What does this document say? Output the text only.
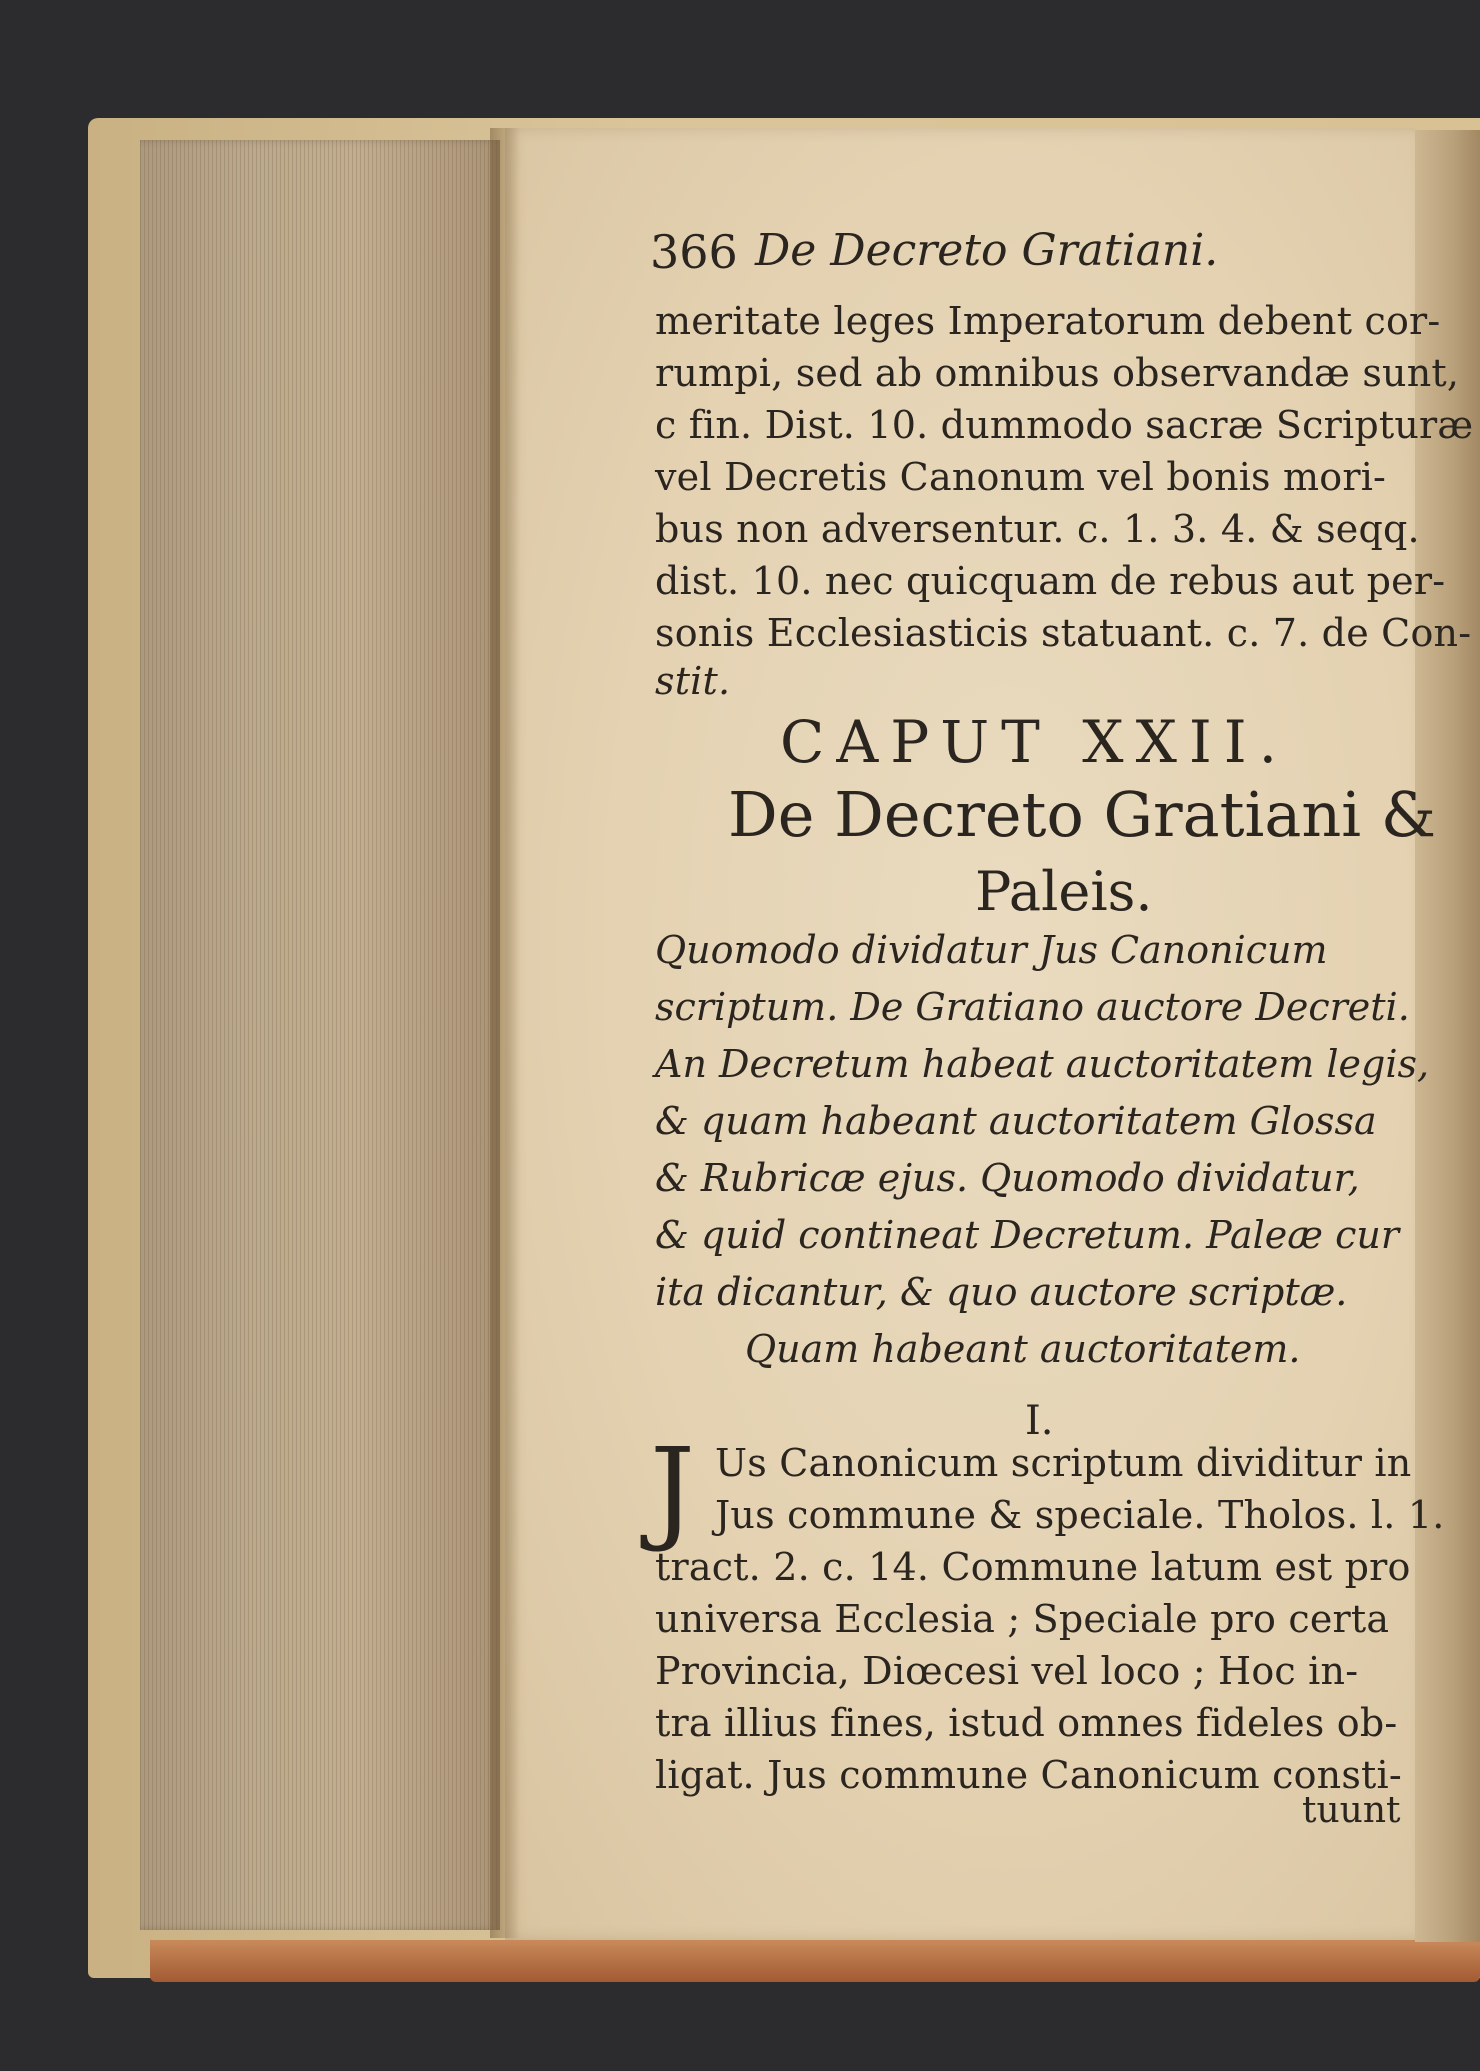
366 De Decreto Gratiani.
meritate leges Imperatorum debent cor-
rumpi, sed ab omnibus observandæ sunt,
c fin. Dist. 10. dummodo sacræ Scripturæ
vel Decretis Canonum vel bonis mori-
bus non adversentur. c. 1. 3. 4. & seqq.
dist. 10. nec quicquam de rebus aut per-
sonis Ecclesiasticis statuant. c. 7. de Con-
stit.
CAPUT XXII.
De Decreto Gratiani &
Paleis.
Quomodo dividatur Jus Canonicum
scriptum. De Gratiano auctore Decreti.
An Decretum habeat auctoritatem legis,
& quam habeant auctoritatem Glossa
& Rubricæ ejus. Quomodo dividatur,
& quid contineat Decretum. Paleæ cur
ita dicantur, & quo auctore scriptæ.
Quam habeant auctoritatem.
I.
J Us Canonicum scriptum dividitur in
Jus commune & speciale. Tholos. l. 1.
tract. 2. c. 14. Commune latum est pro
universa Ecclesia ; Speciale pro certa
Provincia, Diœcesi vel loco ; Hoc in-
tra illius fines, istud omnes fideles ob-
ligat. Jus commune Canonicum consti-
tuunt
